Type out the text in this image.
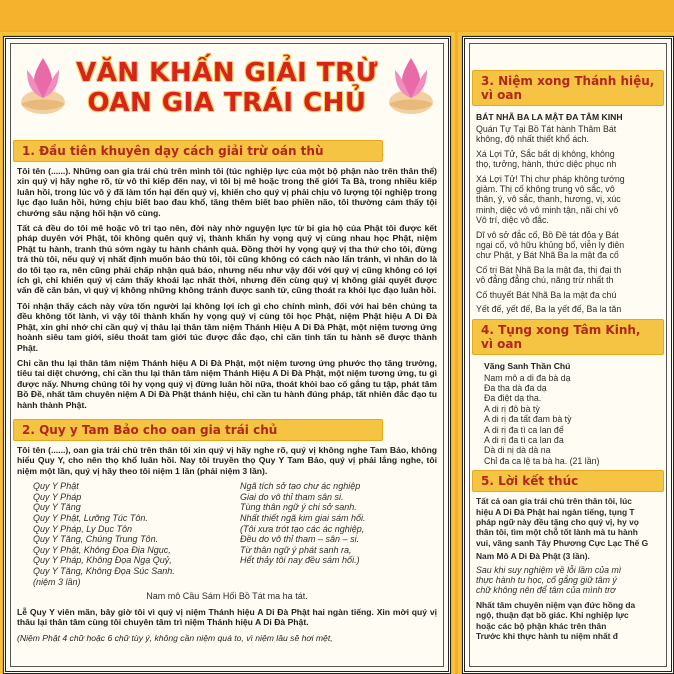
VĂN KHẤN GIẢI TRỪ
OAN GIA TRÁI CHỦ
1. Đầu tiên khuyên dạy cách giải trừ oán thù
Tôi tên (......). Những oan gia trái chủ trên mình tôi (túc nghiệp lực của một bộ phận nào trên thân thể) xin quý vị hãy nghe rõ, từ vô thỉ kiếp đến nay, vì tôi bị mê hoặc trong thế giới Ta Bà, trong nhiều kiếp luân hồi, trong lúc vô ý đã làm tổn hại đến quý vị, khiến cho quý vị phải chịu vô lượng tội nghiệp trong lục đạo luân hồi, hứng chịu biết bao đau khổ, tăng thêm biết bao phiền não, tôi thường cảm thấy tội chướng sâu nặng hối hận vô cùng.
Tất cả đều do tôi mê hoặc vô tri tạo nên, đời này nhờ nguyện lực từ bi gia hộ của Phật tôi được kết pháp duyên với Phật, tôi không quên quý vị, thành khẩn hy vọng quý vị cùng nhau học Phật, niệm Phật tu hành, tranh thủ sớm ngày tu hành chánh quả. Đồng thời hy vọng quý vị tha thứ cho tôi, đừng trả thù tôi, nếu quý vị nhất định muốn báo thù tôi, tôi cũng không có cách nào lẩn tránh, vì nhân do là do tôi tạo ra, nên cũng phải chấp nhận quả báo, nhưng nếu như vậy đối với quý vị cũng không có lợi ích gì, chỉ khiến quý vị cảm thấy khoái lạc nhất thời, nhưng đến cùng quý vị không giải quyết được vấn đề căn bản, vì quý vị không những không tránh được sanh tử, cũng thoát ra khỏi lục đạo luân hồi.
Tôi nhận thấy cách này vừa tốn người lại không lợi ích gì cho chính mình, đối với hai bên chúng ta đều không tốt lành, vì vậy tôi thành khẩn hy vọng quý vị cùng tôi học Phật, niệm Phật hiệu A Di Đà Phật, xin ghi nhớ chỉ cần quý vị thâu lại thân tâm niệm Thánh Hiệu A Di Đà Phật, một niệm tương ứng hoành siêu tam giới, siêu thoát tam giới túc được đắc đạo, chỉ cần tinh tấn tu hành sẽ được thành Phật.
Chỉ cần thu lại thân tâm niệm Thánh hiệu A Di Đà Phật, một niệm tương ứng phước thọ tăng trưởng, tiêu tai diệt chướng, chỉ cần thu lại thân tâm niệm Thánh Hiệu A Di Đà Phật, một niệm tương ứng, tu gì được nấy. Nhưng chúng tôi hy vọng quý vị đừng luân hồi nữa, thoát khỏi bao cố gắng tu tập, phát tâm Bồ Đề, nhất tâm chuyên niệm A Di Đà Phật thánh hiệu, chỉ cần tu hành đúng pháp, tất nhiên đắc đạo tu hành thành Phật.
2. Quy y Tam Bảo cho oan gia trái chủ
Tôi tên (......), oan gia trái chủ trên thân tôi xin quý vị hãy nghe rõ, quý vị không nghe Tam Bảo, không hiểu Quy Y, cho nên thọ khổ luân hồi. Nay tôi truyền thọ Quy Y Tam Bảo, quý vị phải lắng nghe, tôi niệm một lần, quý vị hãy theo tôi niệm 1 lần (phải niệm 3 lần).
Quy Y Phật
Quy Y Pháp
Quy Y Tăng
Quy Y Phật, Lưỡng Túc Tôn.
Quy Y Pháp, Ly Dục Tôn
Quy Y Tăng, Chúng Trung Tôn.
Quy Y Phật, Không Đọa Địa Ngục,
Quy Y Pháp, Không Đọa Ngạ Quỷ,
Quy Y Tăng, Không Đọa Súc Sanh.
(niệm 3 lần)
Ngã tích sở tạo chư ác nghiệp
Giai do vô thỉ tham sân si.
Tùng thân ngữ ý chi sở sanh.
Nhất thiết ngã kim giai sám hối.
(Tôi xưa trót tạo các ác nghiệp,
Đều do vô thỉ tham – sân – si.
Từ thân ngữ ý phát sanh ra,
Hết thảy tôi nay đều sám hối.)
Nam mô Cầu Sám Hối Bồ Tát ma ha tát.
Lễ Quy Y viên mãn, bây giờ tôi vì quý vị niệm Thánh hiệu A Di Đà Phật hai ngàn tiếng. Xin mời quý vị thâu lại thân tâm cùng tôi chuyên tâm trì niệm Thánh hiệu A Di Đà Phật.
(Niệm Phật 4 chữ hoặc 6 chữ tùy ý, không cần niệm quá to, vì niệm lâu sẽ hơi mệt,
3. Niệm xong Thánh hiệu, vì oan
BÁT NHÃ BA LA MẬT ĐA TÂM KINH
Quán Tự Tại Bồ Tát hành Thâm Bát
không, độ nhất thiết khổ ách.
Xá Lợi Tử, Sắc bất dị không, không
thọ, tưởng, hành, thức diệc phục nh
Xá Lợi Tử! Thị chư pháp không tướng
giảm. Thị cố không trung vô sắc, vô
thân, ý, vô sắc, thanh, hương, vị, xúc
minh, diệc vô vô minh tận, nãi chí vô
Vô trí, diệc vô đắc.
Dĩ vô sở đắc cố, Bồ Đề tát đỏa y Bát
ngại cố, vô hữu khủng bố, viễn ly điên
chư Phật, y Bát Nhã Ba la mật đa cố
Cố tri Bát Nhã Ba la mật đa, thị đại th
vô đẳng đẳng chú, năng trừ nhất th
Cố thuyết Bát Nhã Ba la mật đa chú
Yết đế, yết đế, Ba la yết đế, Ba la tăn
4. Tụng xong Tâm Kinh, vì oan
Vãng Sanh Thần Chú
Nam mô a di đa bà dạ
Đa tha dà đa dạ
Đa điệt dạ tha.
A di rị đô bà tỳ
A di rị đa tất đam bà tỳ
A di rị đa tì ca lan đế
A di rị đa tì ca lan đa
Dà di nị dà dà na
Chỉ đa ca lệ ta bà ha. (21 lần)
5. Lời kết thúc
Tất cả oan gia trái chủ trên thân tôi, lúc
hiệu A Di Đà Phật hai ngàn tiếng, tụng T
pháp ngữ này đều tặng cho quý vị, hy vọ
thân tôi, tìm một chỗ tốt lành mà tu hành
vui, vãng sanh Tây Phương Cực Lạc Thế G
Nam Mô A Di Đà Phật (3 lần).
Sau khi suy nghiệm về lỗi lầm của mì
thực hành tu học, cố gắng giữ tâm ý
chữ không nên để tâm của mình trơ
Nhất tâm chuyên niệm vạn đức hồng da
ngộ, thuận đạt bồ giác. Khi nghiệp lực
hoặc các bộ phận khác trên thân
Trước khi thực hành tu niệm nhất đ
·
